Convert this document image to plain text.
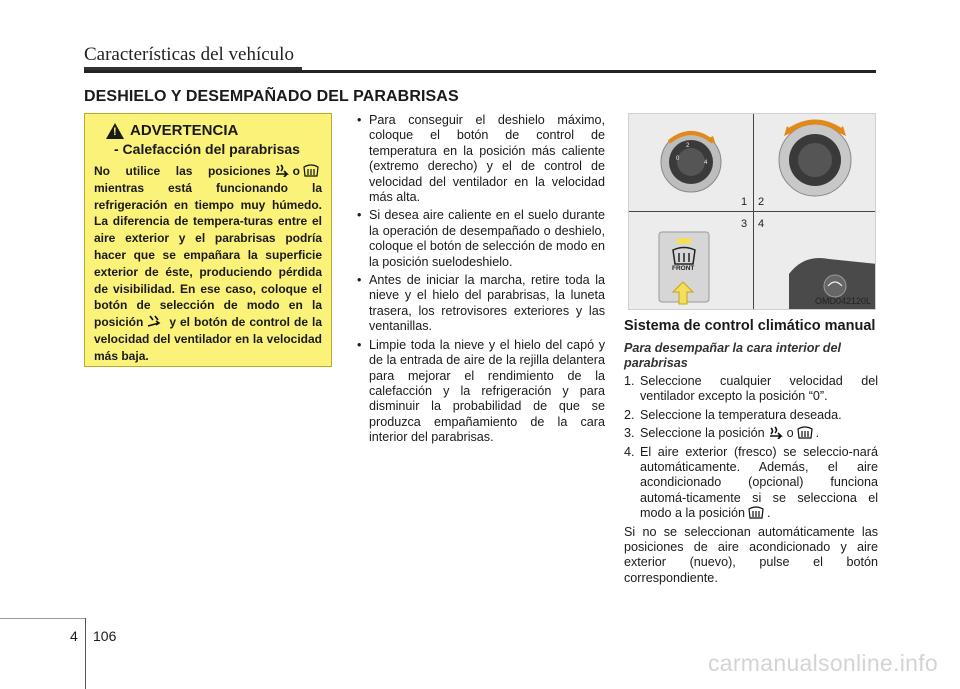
Características del vehículo
DESHIELO Y DESEMPAÑADO DEL PARABRISAS
!
ADVERTENCIA
- Calefacción del parabrisas
No utilice las posiciones o mientras está funcionando la refrigeración en tiempo muy húmedo. La diferencia de tempera-turas entre el aire exterior y el parabrisas podría hacer que se empañara la superficie exterior de éste, produciendo pérdida de visibilidad. En ese caso, coloque el botón de selección de modo en la posición y el botón de control de la velocidad del ventilador en la velocidad más baja.
• Para conseguir el deshielo máximo, coloque el botón de control de temperatura en la posición más caliente (extremo derecho) y el de control de velocidad del ventilador en la velocidad más alta.
• Si desea aire caliente en el suelo durante la operación de desempañado o deshielo, coloque el botón de selección de modo en la posición suelodeshielo.
• Antes de iniciar la marcha, retire toda la nieve y el hielo del parabrisas, la luneta trasera, los retrovisores exteriores y las ventanillas.
• Limpie toda la nieve y el hielo del capó y de la entrada de aire de la rejilla delantera para mejorar el rendimiento de la calefacción y la refrigeración y para disminuir la probabilidad de que se produzca empañamiento de la cara interior del parabrisas.
0
2
4
1 2
3 4
FRONT
OMD042120L
Sistema de control climático manual
Para desempañar la cara interior del parabrisas
1. Seleccione cualquier velocidad del ventilador excepto la posición “0”.
2. Seleccione la temperatura deseada.
3. Seleccione la posición o .
4. El aire exterior (fresco) se seleccio-nará automáticamente. Además, el aire acondicionado (opcional) funciona automá-ticamente si se selecciona el modo a la posición .

Si no se seleccionan automáticamente las posiciones de aire acondicionado y aire exterior (nuevo), pulse el botón correspondiente.

4 106
carmanualsonline.info
